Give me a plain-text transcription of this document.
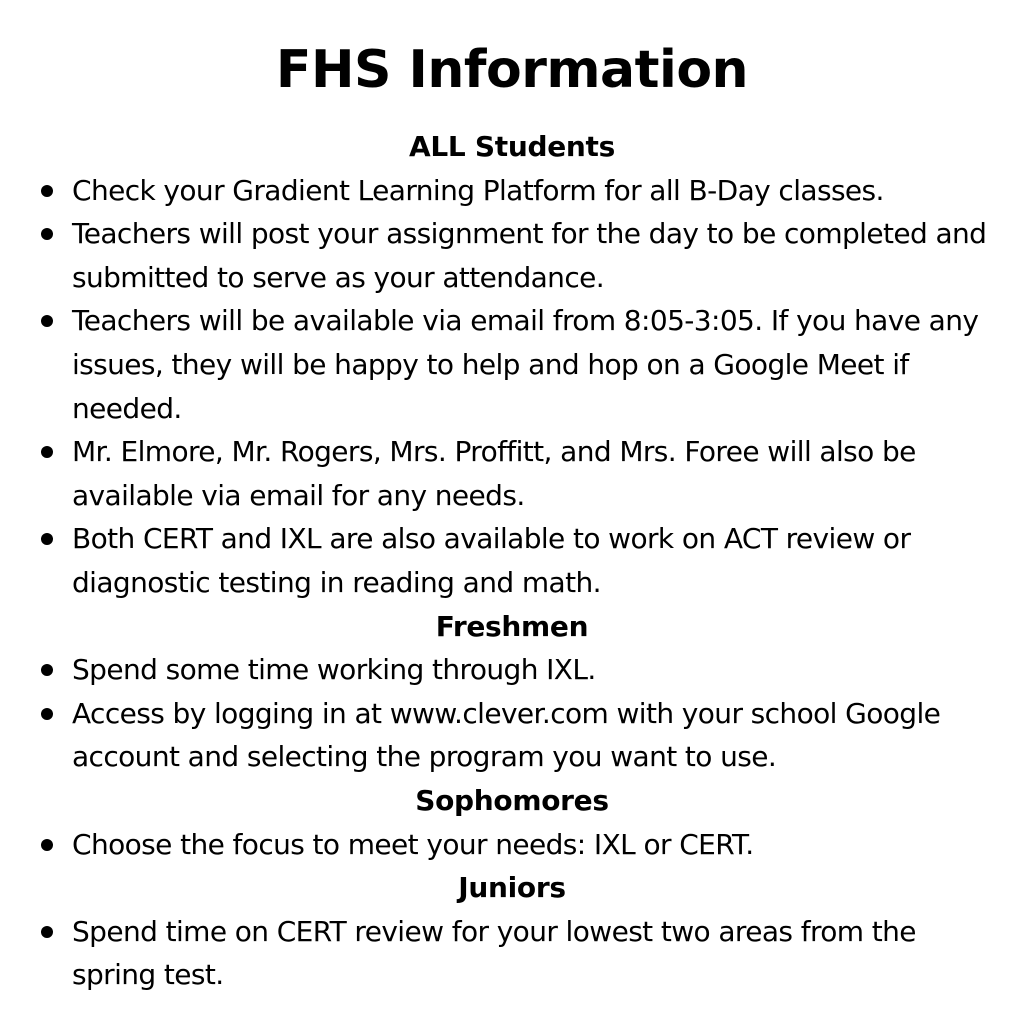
FHS Information
ALL Students
Check your Gradient Learning Platform for all B-Day classes.
Teachers will post your assignment for the day to be completed and submitted to serve as your attendance.
Teachers will be available via email from 8:05-3:05. If you have any issues, they will be happy to help and hop on a Google Meet if needed.
Mr. Elmore, Mr. Rogers, Mrs. Proffitt, and Mrs. Foree will also be available via email for any needs.
Both CERT and IXL are also available to work on ACT review or diagnostic testing in reading and math.
Freshmen
Spend some time working through IXL.
Access by logging in at www.clever.com with your school Google account and selecting the program you want to use.
Sophomores
Choose the focus to meet your needs: IXL or CERT.
Juniors
Spend time on CERT review for your lowest two areas from the spring test.
